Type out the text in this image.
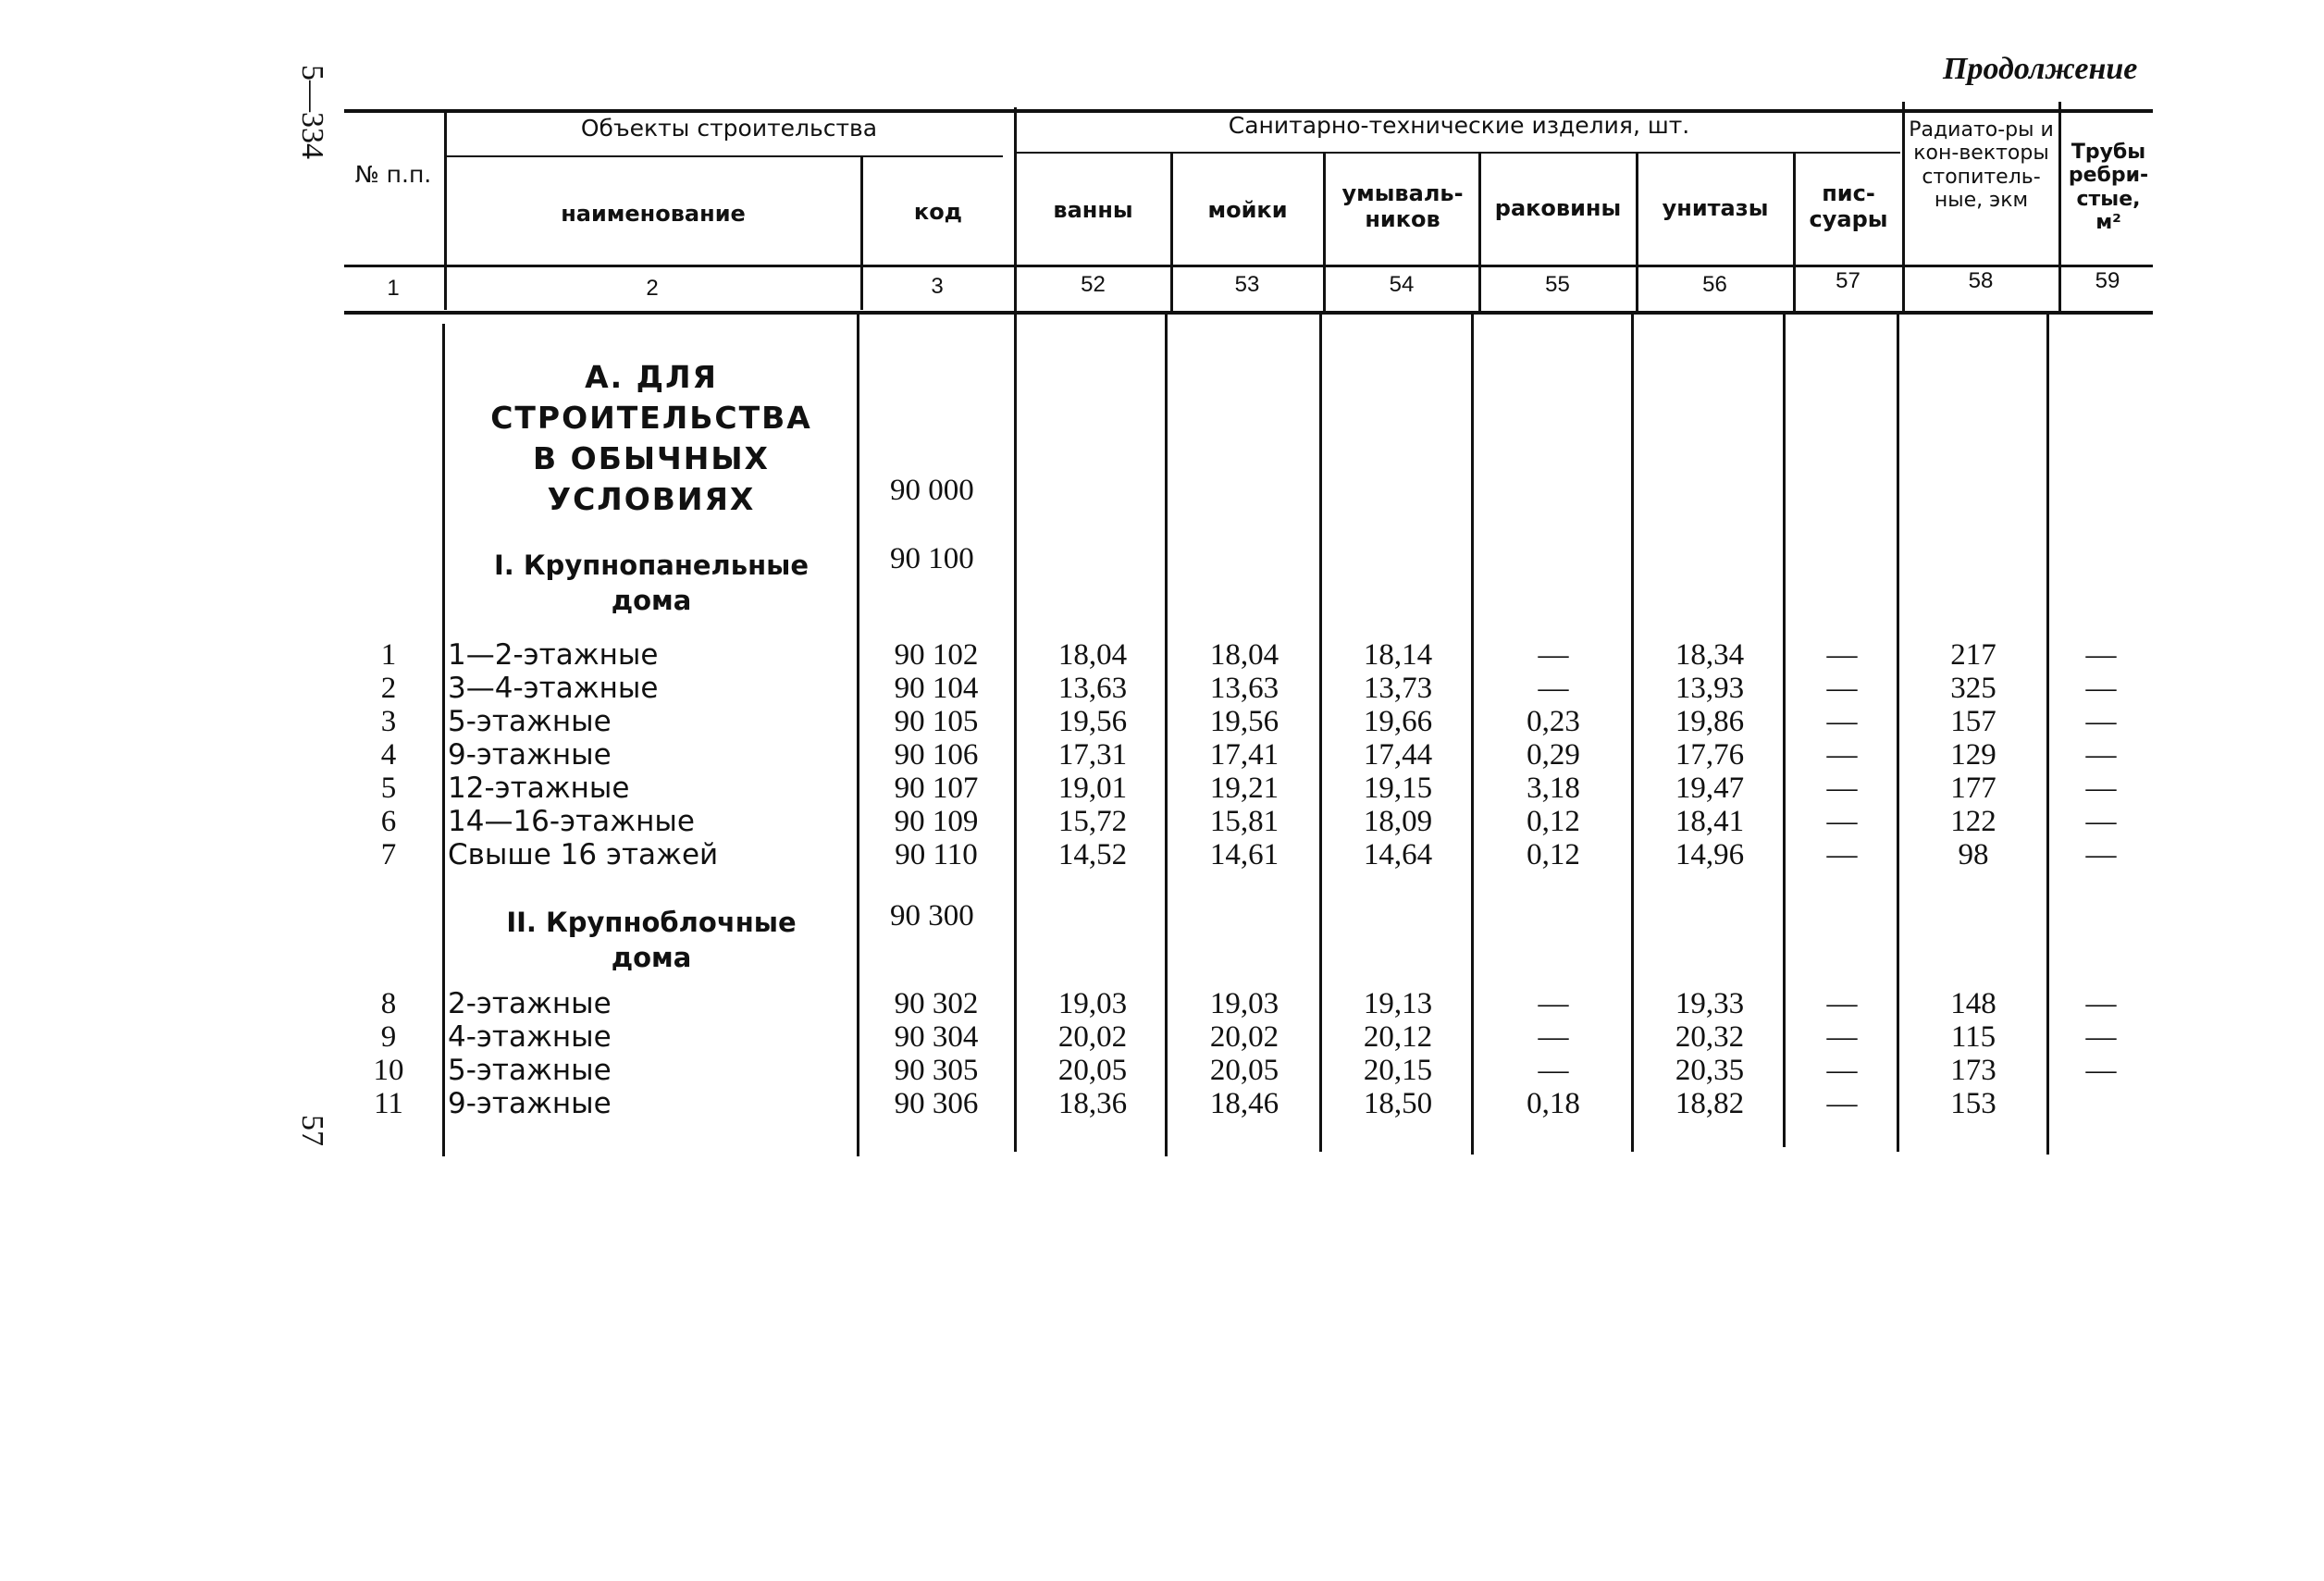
5—334
57
Продолжение
№ п.п.
Объекты строительства
наименование	код
Санитарно-технические изделия, шт.
ванны	мойки
умываль-ников	раковины	унитазы
пис-суары
Радиато-ры и кон-векторы стопитель-ные, экм
Трубы ребри-стые, м²
1	2	3	52	53	54	55	56	57	58	59
А. ДЛЯ
СТРОИТЕЛЬСТВА
В ОБЫЧНЫХ
УСЛОВИЯХ	90 000
I. Крупнопанельные
дома
90 100
II. Крупноблочные
дома
90 300
1	1—2-этажные	90 102	18,04	18,04	18,14	—	18,34	—	217	—
2	3—4-этажные	90 104	13,63	13,63	13,73	—	13,93	—	325	—
3	5-этажные	90 105	19,56	19,56	19,66	0,23	19,86	—	157	—
4	9-этажные	90 106	17,31	17,41	17,44	0,29	17,76	—	129	—
5	12-этажные	90 107	19,01	19,21	19,15	3,18	19,47	—	177	—
6	14—16-этажные	90 109	15,72	15,81	18,09	0,12	18,41	—	122	—
7	Свыше 16 этажей	90 110	14,52	14,61	14,64	0,12	14,96	—	98	—
8	2-этажные	90 302	19,03	19,03	19,13	—	19,33	—	148	—
9	4-этажные	90 304	20,02	20,02	20,12	—	20,32	—	115	—
10	5-этажные	90 305	20,05	20,05	20,15	—	20,35	—	173	—
11	9-этажные	90 306	18,36	18,46	18,50	0,18	18,82	—	153
